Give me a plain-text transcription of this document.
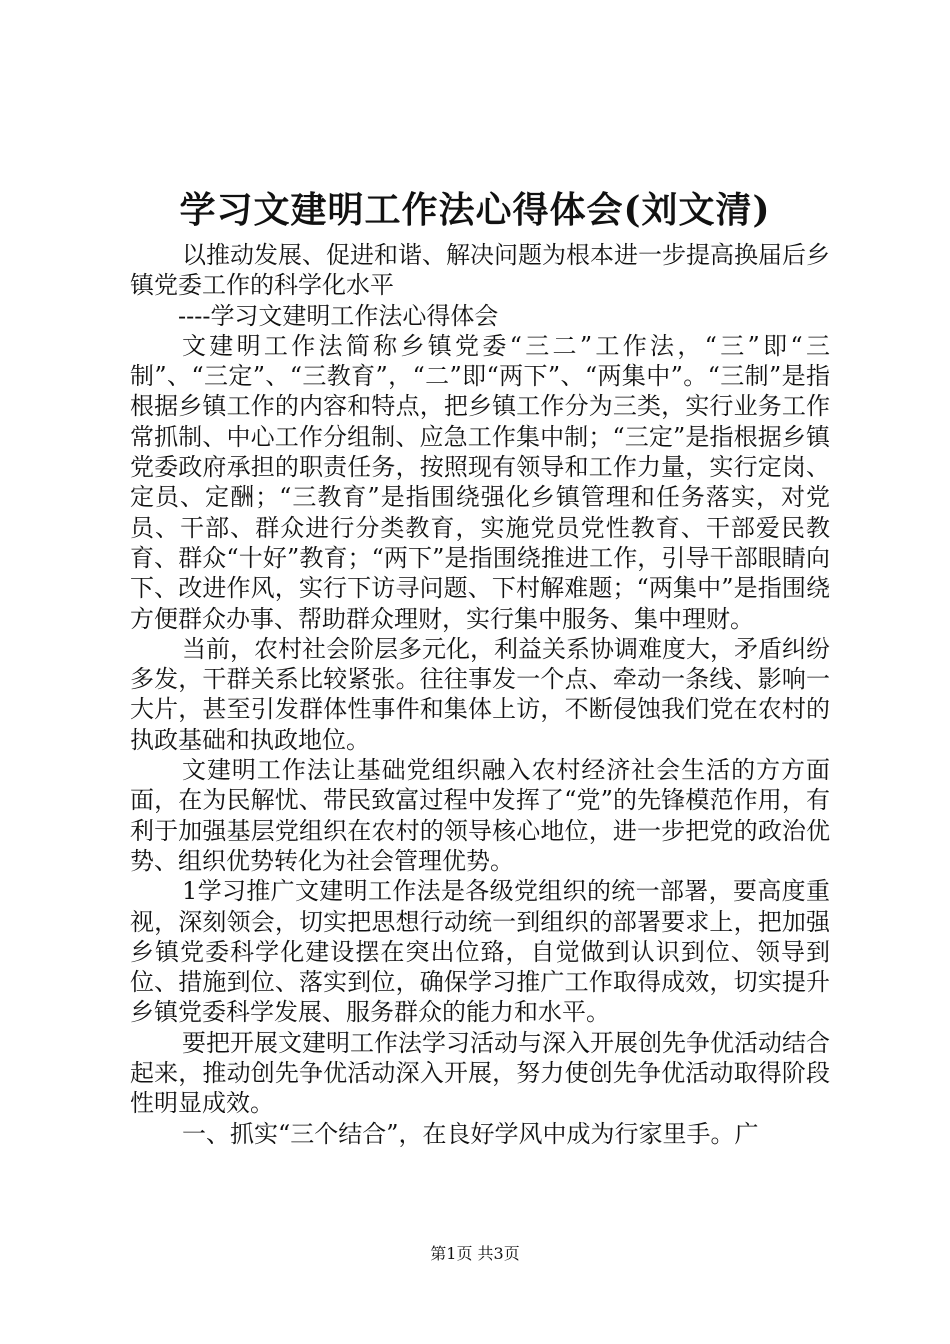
学习文建明工作法心得体会(刘文清)

以推动发展、促进和谐、解决问题为根本进一步提高换届后乡镇党委工作的科学化水平

----学习文建明工作法心得体会

文建明工作法简称乡镇党委“三二”工作法，“三”即“三制”、“三定”、“三教育”，“二”即“两下”、“两集中”。“三制”是指根据乡镇工作的内容和特点，把乡镇工作分为三类，实行业务工作常抓制、中心工作分组制、应急工作集中制；“三定”是指根据乡镇党委政府承担的职责任务，按照现有领导和工作力量，实行定岗、定员、定酬；“三教育”是指围绕强化乡镇管理和任务落实，对党员、干部、群众进行分类教育，实施党员党性教育、干部爱民教育、群众“十好”教育；“两下”是指围绕推进工作，引导干部眼睛向下、改进作风，实行下访寻问题、下村解难题；“两集中”是指围绕方便群众办事、帮助群众理财，实行集中服务、集中理财。

当前，农村社会阶层多元化，利益关系协调难度大，矛盾纠纷多发，干群关系比较紧张。往往事发一个点、牵动一条线、影响一大片，甚至引发群体性事件和集体上访，不断侵蚀我们党在农村的执政基础和执政地位。

文建明工作法让基础党组织融入农村经济社会生活的方方面面，在为民解忧、带民致富过程中发挥了“党”的先锋模范作用，有利于加强基层党组织在农村的领导核心地位，进一步把党的政治优势、组织优势转化为社会管理优势。

1学习推广文建明工作法是各级党组织的统一部署，要高度重视，深刻领会，切实把思想行动统一到组织的部署要求上，把加强乡镇党委科学化建设摆在突出位臵，自觉做到认识到位、领导到位、措施到位、落实到位，确保学习推广工作取得成效，切实提升乡镇党委科学发展、服务群众的能力和水平。

要把开展文建明工作法学习活动与深入开展创先争优活动结合起来，推动创先争优活动深入开展，努力使创先争优活动取得阶段性明显成效。

一、抓实“三个结合”，在良好学风中成为行家里手。广

第1页 共3页
